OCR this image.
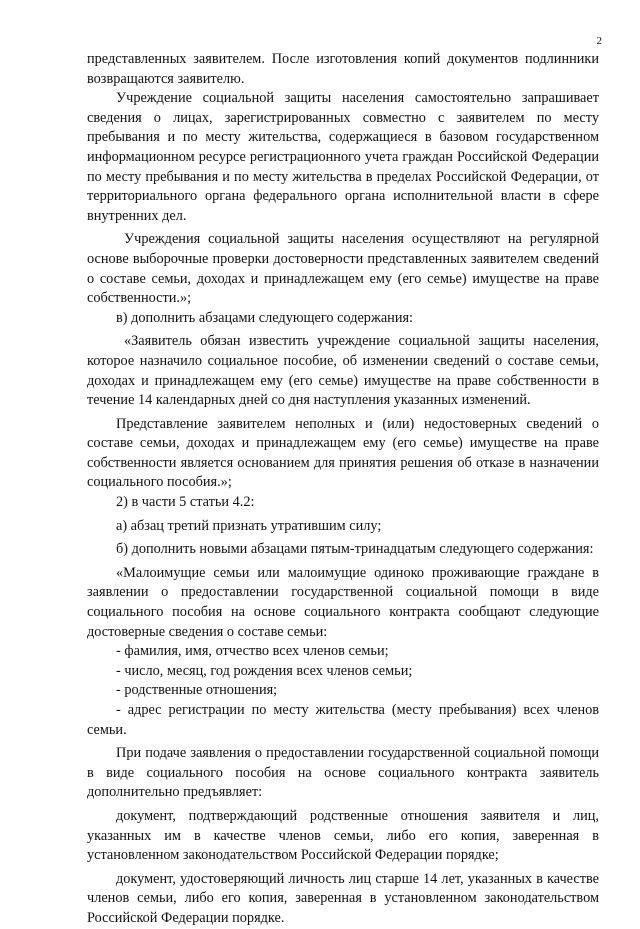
2

представленных заявителем. После изготовления копий документов подлинники возвращаются заявителю.

Учреждение социальной защиты населения самостоятельно запрашивает сведения о лицах, зарегистрированных совместно с заявителем по месту пребывания и по месту жительства, содержащиеся в базовом государственном информационном ресурсе регистрационного учета граждан Российской Федерации по месту пребывания и по месту жительства в пределах Российской Федерации, от территориального органа федерального органа исполнительной власти в сфере внутренних дел.

Учреждения социальной защиты населения осуществляют на регулярной основе выборочные проверки достоверности представленных заявителем сведений о составе семьи, доходах и принадлежащем ему (его семье) имуществе на праве собственности.»;

в) дополнить абзацами следующего содержания:

«Заявитель обязан известить учреждение социальной защиты населения, которое назначило социальное пособие, об изменении сведений о составе семьи, доходах и принадлежащем ему (его семье) имуществе на праве собственности в течение 14 календарных дней со дня наступления указанных изменений.

Представление заявителем неполных и (или) недостоверных сведений о составе семьи, доходах и принадлежащем ему (его семье) имуществе на праве собственности является основанием для принятия решения об отказе в назначении социального пособия.»;

2) в части 5 статьи 4.2:

а) абзац третий признать утратившим силу;

б) дополнить новыми абзацами пятым-тринадцатым следующего содержания:

«Малоимущие семьи или малоимущие одиноко проживающие граждане в заявлении о предоставлении государственной социальной помощи в виде социального пособия на основе социального контракта сообщают следующие достоверные сведения о составе семьи:

- фамилия, имя, отчество всех членов семьи;

- число, месяц, год рождения всех членов семьи;

- родственные отношения;

- адрес регистрации по месту жительства (месту пребывания) всех членов семьи.

При подаче заявления о предоставлении государственной социальной помощи в виде социального пособия на основе социального контракта заявитель дополнительно предъявляет:

документ, подтверждающий родственные отношения заявителя и лиц, указанных им в качестве членов семьи, либо его копия, заверенная в установленном законодательством Российской Федерации порядке;

документ, удостоверяющий личность лиц старше 14 лет, указанных в качестве членов семьи, либо его копия, заверенная в установленном законодательством Российской Федерации порядке.
